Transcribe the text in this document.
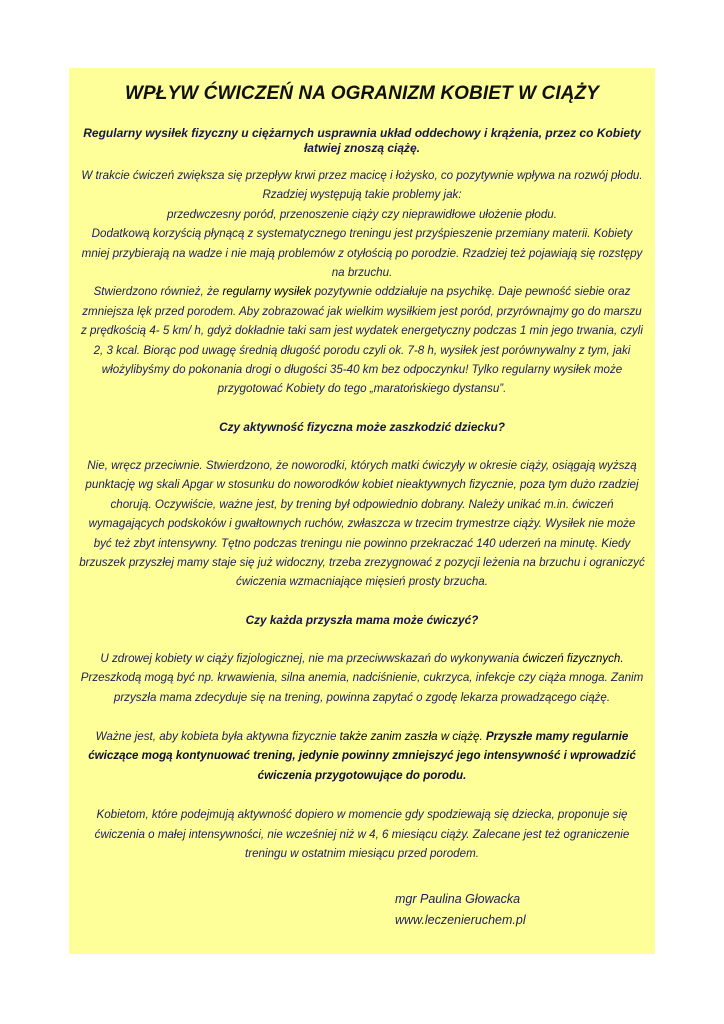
WPŁYW ĆWICZEŃ NA OGRANIZM KOBIET W CIĄŻY

Regularny wysiłek fizyczny u ciężarnych usprawnia układ oddechowy i krążenia, przez co Kobiety łatwiej znoszą ciążę.

W trakcie ćwiczeń zwiększa się przepływ krwi przez macicę i łożysko, co pozytywnie wpływa na rozwój płodu. Rzadziej występują takie problemy jak:

przedwczesny poród, przenoszenie ciąży czy nieprawidłowe ułożenie płodu.

Dodatkową korzyścią płynącą z systematycznego treningu jest przyśpieszenie przemiany materii. Kobiety mniej przybierają na wadze i nie mają problemów z otyłością po porodzie. Rzadziej też pojawiają się rozstępy na brzuchu.

Stwierdzono również, że regularny wysiłek pozytywnie oddziałuje na psychikę. Daje pewność siebie oraz zmniejsza lęk przed porodem. Aby zobrazować jak wielkim wysiłkiem jest poród, przyrównajmy go do marszu z prędkością 4- 5 km/ h, gdyż dokładnie taki sam jest wydatek energetyczny podczas 1 min jego trwania, czyli 2, 3 kcal. Biorąc pod uwagę średnią długość porodu czyli ok. 7-8 h, wysiłek jest porównywalny z tym, jaki włożylibyśmy do pokonania drogi o długości 35-40 km bez odpoczynku! Tylko regularny wysiłek może przygotować Kobiety do tego „maratońskiego dystansu”.

Czy aktywność fizyczna może zaszkodzić dziecku?

Nie, wręcz przeciwnie. Stwierdzono, że noworodki, których matki ćwiczyły w okresie ciąży, osiągają wyższą punktację wg skali Apgar w stosunku do noworodków kobiet nieaktywnych fizycznie, poza tym dużo rzadziej chorują. Oczywiście, ważne jest, by trening był odpowiednio dobrany. Należy unikać m.in. ćwiczeń wymagających podskoków i gwałtownych ruchów, zwłaszcza w trzecim trymestrze ciąży. Wysiłek nie może być też zbyt intensywny. Tętno podczas treningu nie powinno przekraczać 140 uderzeń na minutę. Kiedy brzuszek przyszłej mamy staje się już widoczny, trzeba zrezygnować z pozycji leżenia na brzuchu i ograniczyć ćwiczenia wzmacniające mięsień prosty brzucha.

Czy każda przyszła mama może ćwiczyć?

U zdrowej kobiety w ciąży fizjologicznej, nie ma przeciwwskazań do wykonywania ćwiczeń fizycznych. Przeszkodą mogą być np. krwawienia, silna anemia, nadciśnienie, cukrzyca, infekcje czy ciąża mnoga. Zanim przyszła mama zdecyduje się na trening, powinna zapytać o zgodę lekarza prowadzącego ciążę.

Ważne jest, aby kobieta była aktywna fizycznie także zanim zaszła w ciążę. Przyszłe mamy regularnie ćwiczące mogą kontynuować trening, jedynie powinny zmniejszyć jego intensywność i wprowadzić ćwiczenia przygotowujące do porodu.

Kobietom, które podejmują aktywność dopiero w momencie gdy spodziewają się dziecka, proponuje się ćwiczenia o małej intensywności, nie wcześniej niż w 4, 6 miesiącu ciąży. Zalecane jest też ograniczenie treningu w ostatnim miesiącu przed porodem.

mgr Paulina Głowacka
www.leczenieruchem.pl
